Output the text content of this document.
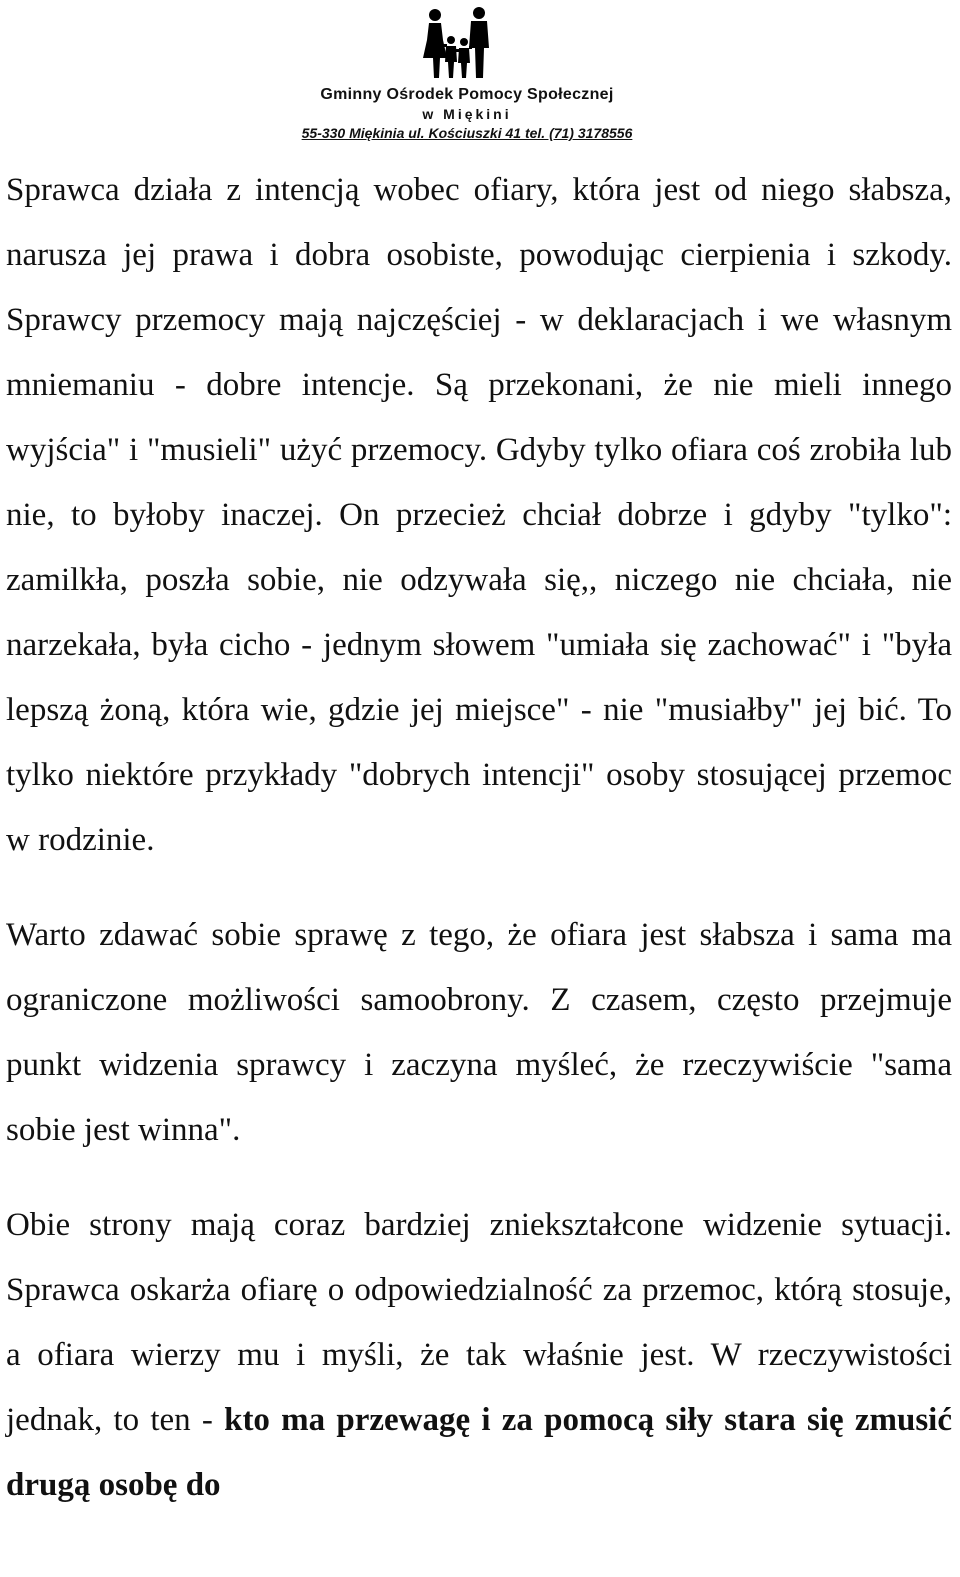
Gminny Ośrodek Pomocy Społecznej
w Miękini
55-330 Miękinia ul. Kościuszki 41 tel. (71) 3178556

Sprawca działa z intencją wobec ofiary, która jest od niego słabsza, narusza jej prawa i dobra osobiste, powodując cierpienia i szkody. Sprawcy przemocy mają najczęściej - w deklaracjach i we własnym mniemaniu - dobre intencje. Są przekonani, że nie mieli innego wyjścia" i "musieli" użyć przemocy. Gdyby tylko ofiara coś zrobiła lub nie, to byłoby inaczej. On przecież chciał dobrze i gdyby "tylko": zamilkła, poszła sobie, nie odzywała się,, niczego nie chciała, nie narzekała, była cicho - jednym słowem "umiała się zachować" i "była lepszą żoną, która wie, gdzie jej miejsce" - nie "musiałby" jej bić. To tylko niektóre przykłady "dobrych intencji" osoby stosującej przemoc w rodzinie.

Warto zdawać sobie sprawę z tego, że ofiara jest słabsza i sama ma ograniczone możliwości samoobrony. Z czasem, często przejmuje punkt widzenia sprawcy i zaczyna myśleć, że rzeczywiście "sama sobie jest winna".

Obie strony mają coraz bardziej zniekształcone widzenie sytuacji. Sprawca oskarża ofiarę o odpowiedzialność za przemoc, którą stosuje, a ofiara wierzy mu i myśli, że tak właśnie jest. W rzeczywistości jednak, to ten - kto ma przewagę i za pomocą siły stara się zmusić drugą osobę do
